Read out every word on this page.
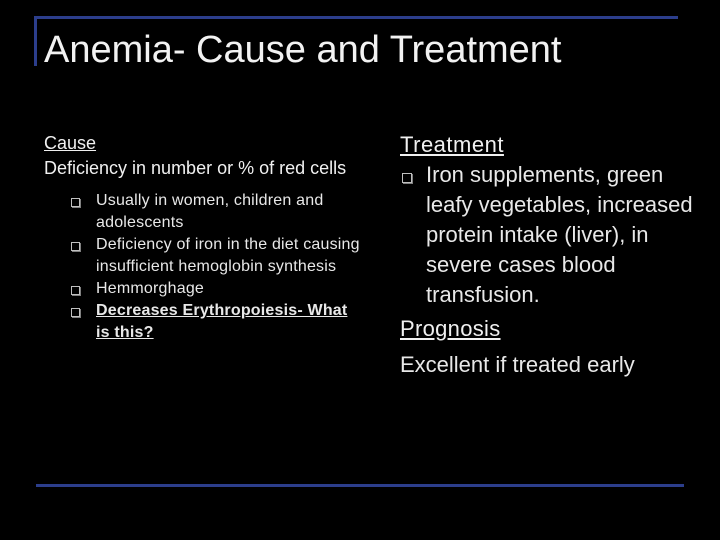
Anemia- Cause and Treatment
Cause
Deficiency in number or % of red cells
Usually in women, children and adolescents
Deficiency of iron in the diet causing insufficient hemoglobin synthesis
Hemmorghage
Decreases Erythropoiesis- What is this?
Treatment
Iron supplements, green leafy vegetables, increased protein intake (liver), in severe cases blood transfusion.
Prognosis
Excellent if treated early
